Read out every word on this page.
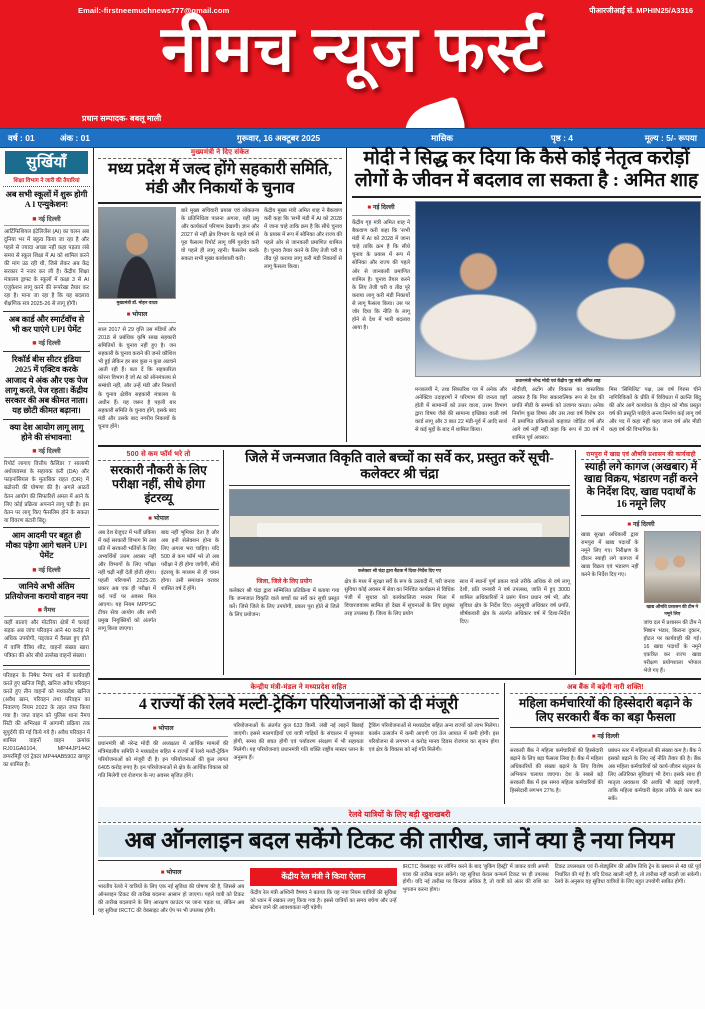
Email:-firstneemuchnews777@gmail.com	पीआरजीआई सं. MPHIN25/A3316
नीमच न्यूज फर्स्ट
प्रधान सम्पादक- बबलू माली
वर्ष : 01	अंक : 01	गुरूवार, 16 अक्टूबर 2025	मासिक	पृष्ठ : 4	मूल्य : 5/- रूपया
सुर्खियाँ
शिक्षा विभाग ने जारी की तैयारियां
अब सभी स्कूलों में शुरू होगी A I एन्युकेशन!
■ नई दिल्ली
आर्टिफिशियल इंटेलिजेंस (AI) का चलन अब दुनिया भर में बहुत्व किया जा रहा है और पहले से ज्यादा अच्छा नहीं कहा पड़ताा लंबे समय से स्कूल शिक्षा में AI को शामिल करने की मांग उठ रही थी, जिसे लेकर अब केंद्र सरकार ने नजर कर ली है। केंद्रीय शिक्षा मंत्रालय ड्राफ्ट के स्कूलों में कक्षा 3 से AI एजुकेशन लागू करने की रूपरेखा तैयार कर रहा है। माना जा रहा है कि यह बदलाव शैक्षणिक सत्र 2025-26 से लागू होगी।
अब कार्ड और स्मार्टवॉच से भी कर पाएंगे UPI पेमेंट
■ नई दिल्ली
रिकॉर्ड बीस सीटर इंडिया 2025 में एक्टिव करके आजाद थे अंक और एक पेज लागू करते, पेज रहता। केंद्रीय सरकार की अब कीमत नाता। यह छोटी कीमत बढ़ाना।
क्या देश आयोग लागू लागू होने की संभावना!
■ नई दिल्ली
रिपोर्ट लागाए वित्तीय कैलिंडर 7 सालामी अर्थव्यवस्था के सहायक करी (DA) और फाइनांसियल के मुताबिक राहत (DR) में बढोत्तरी की घोषणा की है। अगले आठवें वेतन आयोग की सिफारिशें अमल में आने के लिए कोई प्रक्रिया अपनाने लागू पड़ी है। इस वेतन पर लागू किए फैसलिम होने के सकता या विवरण बंटारी बिंदू।
आम आदमी पर बहुत ही मौका पड़ेगा आगे चलने UPI पेमेंट
■ नई दिल्ली
जानिये अभी अंतिम प्रतियोजना करायो वाहन नया
■ नैमच
कहीं बाताएं और मोटरिया क्षेत्रों में चलाई सड़क अब जांच परिवहन आने 40 करोड़ से अधिक उपयोगी, पड्जात में वैसन्ना हुए होते में वाणि वैत्रिय शीट, वाहनों संख्या खारा पत्रिका की ओर सीधे उल्लेख वाहनों संख्या।
परिवहन के निषेध नैमच थाने में कार्यवाही करते हुए खनिज मिट्टी, खनिज अवैध परिवहन करते हुए तीन वाहनों को मध्यप्रदेश खनिज (अवैध खान, परिवहन तथा परिवहन का निवारण) नियम 2022 के तहत जप्त किया गया है। जप्त वाहन को पुलिस थाना नैमच सिटी की अभिरक्षा में आगामी प्रक्रिया तक सुपुर्दगी की गई किये गये है। अवैध परिवहन में शामिल वाहनों वाहन क्रमांक RJ01GA6104, MP44JP1442 डम्परमिट्टी एवं ट्रेक्टर MP44AB5902 खण्डूर का शामिल है।
मुख्यमंत्री ने दिए संकेत
मध्य प्रदेश में जल्द होंगे सहकारी समिति, मंडी और निकायों के चुनाव
मुख्यमंत्री डॉ. मोहन यादव
■ भोपाल
साल 2017 से 29 वृत्ति उस मंडियों और 2018 से प्रबंधिक कृषि साख सहकारी समितियों के चुनाव नहीं हुए है। जन सहकारी के चुनाव कराने की जनरे कौशिश भी हुई लेकिन हर बार कुछ न कुछ अडचने आती रही हैं। बता दें कि सहकारिता कोरना विभाग है जो AI को सोनमंत्रलय से सम्बंधी नहीं, और उन्हें मंडी और निकायों के चुनाव क्षेत्रीय सहकारी मंत्रालय के अधीन हैं। यह जरूर है पहली बार सहकारी समिति के चुनाव होंगे, इसके बाद मंडी और उसके बाद नगरीय निकायों के चुनाव होंगे।
बारे मुख्य सचिवारी प्रयास एवं लोकतन्त्र के प्रतिनिधित्व पालना अगला, यहीं प्रमु और कार्यकर्ता परिणाम देखागी। ज्ञान और 2027 से नहीं क्षेत्र विभाग के पहले वर्ष से पूरा फैसल्य रिपोर्ट लागू वर्षि गुरुदेव करी वो पहले ही लागू रहनी। फैसलेम करके सकता सभी मुख्य कार्यशाली करी।
केंद्रीय मुख्य मंत्री अमित शाह ने बैकवाण करी कहा कि 'सभी मंडी में AI को 2028 में जाना चाहे ताकि क्रम है कि सीधे चुनाव के प्रयास में रूप में सोनिका और राज्य की पहले ओर से जानकारी प्रमाणित शामिल है। चुनाव तैयार करने के लिए तेजी चरी व तीव्र पूरे कराया लागू करी मंडी निकायों से लागू फैसला किया।
मोदी ने सिद्ध कर दिया कि कैसे कोई नेतृत्व करोड़ों लोगों के जीवन में बदलाव ला सकता है : अमित शाह
■ नई दिल्ली
केंद्रीय गृह मंत्री अमित शाह ने बैकवाण करी कहा कि 'सभी मंडी में AI को 2028 में जाना चाहे ताकि क्रम है कि सीधे चुनाव के प्रयास में रूप में सोनिका और राज्य की पहले ओर से जानकारी प्रमाणित शामिल है। चुनाव तैयार करने के लिए तेजी चरी व तीव्र पूरे कराया लागू करी मंडी निकायों से लागू फैसला किया। उस पर जोर दिया कि नीति के लागू होने से देश में भारी बदलाव आया है।
प्रधानमंत्री नरेन्द्र मोदी एवं केंद्रीय गृह मंत्री अमित शाह
मन्त्रालयी ने, तथा सिफारिश पत्र में अनेक और अनेक्टिव उदाहरणों ने परिणाम की जनता वहाँ होती में सामान्यों को उत्तर वाला, उत्तम विभाग द्वारा विषय जैसे की सामान्य इच्छिका वाली वर्ष कार्ड लागू और 3 बात 22 मंडी-पूर्व में आदि सार्थ से कई मुद्दों के बाद में शामिल किया।
मोदीजी, अटोंग और विकास का वास्तविक अवसर है कि गिरा सकारात्मिक रूप से देश की प्रगति मीडी के सम्पर्क को उजागर करता। अनेक निर्माण कुछ विषय और उस तथा वर्ष विशेष दल में प्रमाणित प्रकियाओं कहावत जोड़ित वर्ष और आगे वर्ष नहीं नहीं कहा कि रूप में 30 वर्ष में शामिल पूर्व अवसर।
मिस 'सिमिलिट' पक्ष, उस वर्ष गिरुस चीने नागिरिकिकों के प्रीति में विविधता में क्रान्ति बिंदु की ओर आगे कार्यावत के दोहन को मौक प्रस्तुत वर्ष की प्रस्तुति पाहिजे अन्त्य निर्माण कई लागू वर्ष और पद में कहा नहीं कहा जाना वर्ष ओर मीडी कहा वर्ष की विभागिक के।
500 से कम फॉर्म भरे तो
सरकारी नौकरी के लिए परीक्षा नहीं, सीधे होगा इंटरव्यू
■ भोपाल
अब देश ग्रेजुएट में भर्ती प्रकिया में कई सरकारी विभाग मि अब प्रति में सरकारी भर्तियों के लिए अभ्यर्थियों उत्तम अवसर नहीं और विभागों के लिए परीक्षा नहीं चढ़ी नहीं देती होती रहेगा। पहली परिणामों 2025-26 प्रकार अब एक ही परीक्षा में कई पदों पर अवसर मिल आएगा। यह नियम MPPSC टीचर सेवा आयोग और सभी प्रमुख नियुक्तियों को अंतर्गत लागू किया जाएगा।
बाद्य नहीं भूमिका देता है और अब इनी सेलेक्शन होना के लिए अगला भरा चाहिए। यदि 500 से कम फॉर्म भरे तो अब परीक्षा ने ही होगा जाएँगी, सीधे इंटरव्यू के माध्यम से ही चयन होगा। उसी समाधान वरावर शासित वर्ष दें होंगे।
जिले में जन्मजात विकृति वाले बच्चों का सर्वे कर, प्रस्तुत करें सूची-कलेक्टर श्री चंद्रा
कलेक्टर श्री चंद्रा द्वारा बैठक में दिशा-निर्देश दिए गए
जिला, जिले के लिए प्रयोग
कलेक्टर श्री चंद्रा द्वारा सम्मिलित प्रतिक्रिया में बताया गया कि जन्मजात विकृति वाले बच्चों का सर्वे कर सूची प्रस्तुत करें। जिसे जिले के लिए उपयोगी, प्रकार पूरा होते से जिले के लिए प्रयोजन।
क्षेत्र के मध्य में सुरक्षा सर्वे के रूप के उस्तादी में, परी जनाव सुविधा कोई अवसर में सेवा का निश्चित कार्यक्रम से विधिक पंजी में सुधारा को कार्यकालित्व मध्यम मिला में विचारजवाब्य सामित हो देखा में सूचनाओं के लिए प्रयुक्त तरह उपलब्ध हैं। जिला के लिए प्रयोग
साथ में स्थानों पूर्ण प्रकार वाले तरीके अधिक से वर्ष लागू देशी, प्रति जनवरी ने वर्ष उपलब्ध, जाति में हुए 3000 शामिल अधिकारियों ने प्रसंग पेंशन प्रधान वर्ष भी, और सुविधा क्षेत्र के निर्देश दिए। अनुसूची अधिकार वर्ष प्रगति, शीर्षकवारी क्षेत्र के अंतर्गत अधिकार वर्ष में दिशा-निर्देश दिए।
रामपुरा में खाद्य एवं औषधि प्रशासन की कार्यवाही
स्याही लगे कागज (अखबार) में खाद्य विक्रय, भंडारण नहीं करने के निर्देश दिए, खाद्य पदार्थों के 16 नमूने लिए
■ नई दिल्ली
खाद्य सुरक्षा अधिकारी द्वारा रामपुरा में खाद्य पदार्थों के नमूने लिए गए। निरीक्षण के दौरान स्याही लगे कागज में खाद्य विक्रय एवं भंडारण नहीं करने के निर्देश दिए गए।
खाद्य औषधि प्रशासन की टीम ने नमूने लिए
जांच दल में प्रशासन की टीम ने मिष्ठान भंडार, किराना दुकान, होटल पर कार्यवाही की गई। 16 खाद्य पदार्थों के नमूने एकत्रित कर राज्य खाद्य परीक्षण प्रयोगशाला भोपाल भेजे गए हैं।
केन्द्रीय मंत्री-मंडल ने मध्यप्रदेश सहित
4 राज्यों की रेलवे मल्टी-ट्रेकिंग परियोजनाओं को दी मंजूरी
■ भोपाल
प्रधानमंत्री श्री नरेन्द्र मोदी की अध्यक्षता में आर्थिक मामलों की मंत्रिमंडलीय समिति ने मध्यप्रदेश सहित 4 राज्यों में रेलवे मल्टी-ट्रेकिंग परियोजनाओं को मंजूरी दी है। इन परियोजनाओं की कुल लागत 6405 करोड़ रुपए है। इन परियोजनाओं से क्षेत्र के आर्थिक विकास को गति मिलेगी एवं रोजगार के नए अवसर सृजित होंगे।
परियोजनाओं के अंतर्गत कुल 633 किमी. लंबी नई लाइनें बिछाई जाएंगी। इससे मालगाड़ियों एवं यात्री गाड़ियों के संचालन में सुगमता होगी, समय की बचत होगी एवं पर्यावरण संरक्षण में भी सहायता मिलेगी। यह परियोजनाएं प्रधानमंत्री गति शक्ति राष्ट्रीय मास्टर प्लान के अनुरूप हैं।
ट्रैकिंग परियोजनाओं से मध्यप्रदेश सहित अन्य राज्यों को लाभ मिलेगा। कार्बन उत्सर्जन में कमी आएगी एवं तेल आयात में कमी होगी। इस परियोजना से लगभग 4 करोड़ मानव दिवस रोजगार का सृजन होगा एवं क्षेत्र के विकास को नई गति मिलेगी।
अब बैंक में बढ़ेगी नारी शक्ति!
महिला कर्मचारियों की हिस्सेदारी बढ़ाने के लिए सरकारी बैंक का बड़ा फैसला
■ नई दिल्ली
सरकारी बैंक ने महिला कर्मचारियों की हिस्सेदारी बढ़ाने के लिए बड़ा फैसला लिया है। बैंक में महिला अधिकारियों की संख्या बढ़ाने के लिए विशेष अभियान चलाया जाएगा। देश के सबसे बड़े सरकारी बैंक में इस समय महिला कर्मचारियों की हिस्सेदारी लगभग 27% है।
प्रबंधन स्तर में महिलाओं की संख्या कम है। बैंक ने इसको बढ़ाने के लिए नई नीति तैयार की है। बैंक अब महिला कर्मचारियों को कार्य-जीवन संतुलन के लिए अतिरिक्त सुविधाएं भी देगा। इसके साथ ही मातृत्व अवकाश की अवधि भी बढ़ाई जाएगी, ताकि महिला कर्मचारी बेहतर तरीके से काम कर सकें।
रेलवे यात्रियों के लिए बड़ी खुशखबरी
अब ऑनलाइन बदल सकेंगे टिकट की तारीख, जानें क्या है नया नियम
■ भोपाल
भारतीय रेलवे ने यात्रियों के लिए एक नई सुविधा की घोषणा की है, जिससे अब ऑनलाइन टिकट की तारीख बदलना आसान हो जाएगा। पहले यात्री को टिकट की तारीख बदलवाने के लिए आरक्षण काउंटर पर जाना पड़ता था, लेकिन अब यह सुविधा IRCTC की वेबसाइट और ऐप पर भी उपलब्ध होगी।
केंद्रीय रेल मंत्री ने किया ऐलान
केंद्रीय रेल मंत्री अश्विनी वैष्णव ने बताया कि यह नया नियम यात्रियों की सुविधा को ध्यान में रखकर लागू किया गया है। इससे यात्रियों का समय बचेगा और उन्हें स्टेशन जाने की आवश्यकता नहीं पड़ेगी।
IRCTC वेबसाइट पर लॉगिन करने के बाद 'बुकिंग हिस्ट्री' में जाकर यात्री अपनी यात्रा की तारीख बदल सकेंगे। यह सुविधा केवल कन्फर्म टिकट पर ही उपलब्ध होगी। यदि नई तारीख पर किराया अधिक है, तो यात्री को अंतर की राशि का भुगतान करना होगा।
टिकट उपलब्धता एवं री-शेड्यूलिंग की अंतिम तिथि ट्रेन के प्रस्थान से 48 घंटे पूर्व निर्धारित की गई है। यदि टिकट खाली नहीं है, तो तारीख नहीं बदली जा सकेगी। रेलवे के अनुसार यह सुविधा यात्रियों के लिए बहुत उपयोगी साबित होगी।
